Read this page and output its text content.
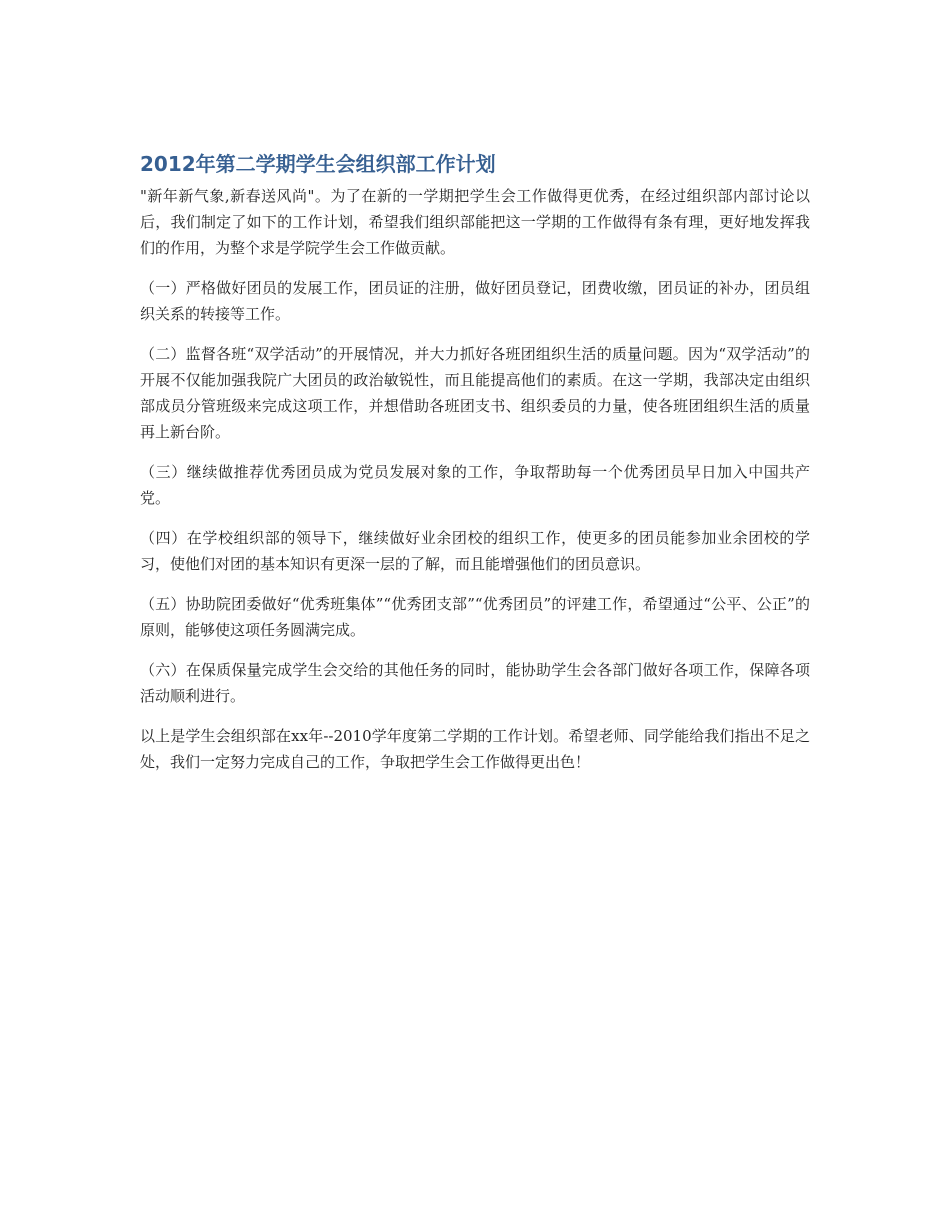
2012年第二学期学生会组织部工作计划

"新年新气象,新春送风尚"。为了在新的一学期把学生会工作做得更优秀，在经过组织部内部讨论以后，我们制定了如下的工作计划，希望我们组织部能把这一学期的工作做得有条有理，更好地发挥我们的作用，为整个求是学院学生会工作做贡献。

（一）严格做好团员的发展工作，团员证的注册，做好团员登记，团费收缴，团员证的补办，团员组织关系的转接等工作。

（二）监督各班“双学活动”的开展情况，并大力抓好各班团组织生活的质量问题。因为“双学活动”的开展不仅能加强我院广大团员的政治敏锐性，而且能提高他们的素质。在这一学期，我部决定由组织部成员分管班级来完成这项工作，并想借助各班团支书、组织委员的力量，使各班团组织生活的质量再上新台阶。

（三）继续做推荐优秀团员成为党员发展对象的工作，争取帮助每一个优秀团员早日加入中国共产党。

（四）在学校组织部的领导下，继续做好业余团校的组织工作，使更多的团员能参加业余团校的学习，使他们对团的基本知识有更深一层的了解，而且能增强他们的团员意识。

（五）协助院团委做好“优秀班集体”“优秀团支部”“优秀团员”的评建工作，希望通过“公平、公正”的原则，能够使这项任务圆满完成。

（六）在保质保量完成学生会交给的其他任务的同时，能协助学生会各部门做好各项工作，保障各项活动顺利进行。

以上是学生会组织部在xx年--2010学年度第二学期的工作计划。希望老师、同学能给我们指出不足之处，我们一定努力完成自己的工作，争取把学生会工作做得更出色！
